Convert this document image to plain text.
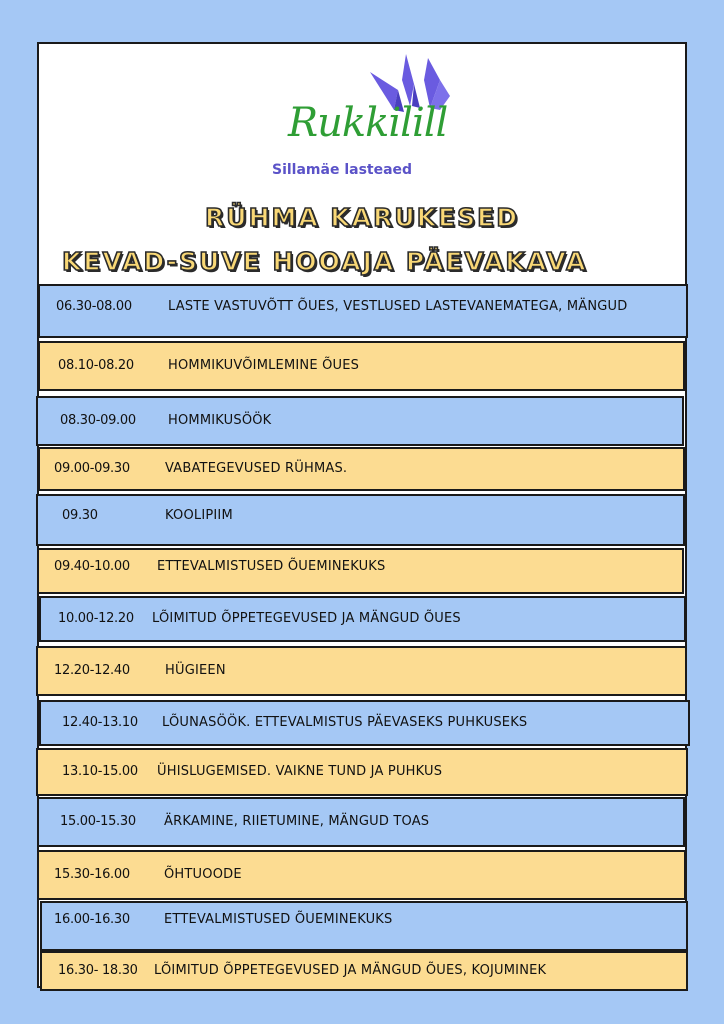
Rukkilill
Sillamäe lasteaed
RÜHMA KARUKESED
KEVAD-SUVE HOOAJA PÄEVAKAVA
06.30-08.00	LASTE VASTUVÕTT ÕUES, VESTLUSED LASTEVANEMATEGA, MÄNGUD
08.10-08.20	HOMMIKUVÕIMLEMINE ÕUES
08.30-09.00 HOMMIKUSÖÖK
09.00-09.30	VABATEGEVUSED RÜHMAS.
09.30	KOOLIPIIM
09.40-10.00 ETTEVALMISTUSED ÕUEMINEKUKS
10.00-12.20 LÕIMITUD ÕPPETEGEVUSED JA MÄNGUD ÕUES
12.20-12.40	HÜGIEEN
12.40-13.10 LÕUNASÖÖK. ETTEVALMISTUS PÄEVASEKS PUHKUSEKS
13.10-15.00 ÜHISLUGEMISED. VAIKNE TUND JA PUHKUS
15.00-15.30 ÄRKAMINE, RIIETUMINE, MÄNGUD TOAS
15.30-16.00	ÕHTUOODE
16.00-16.30	ETTEVALMISTUSED ÕUEMINEKUKS
16.30- 18.30 LÕIMITUD ÕPPETEGEVUSED JA MÄNGUD ÕUES, KOJUMINEK
